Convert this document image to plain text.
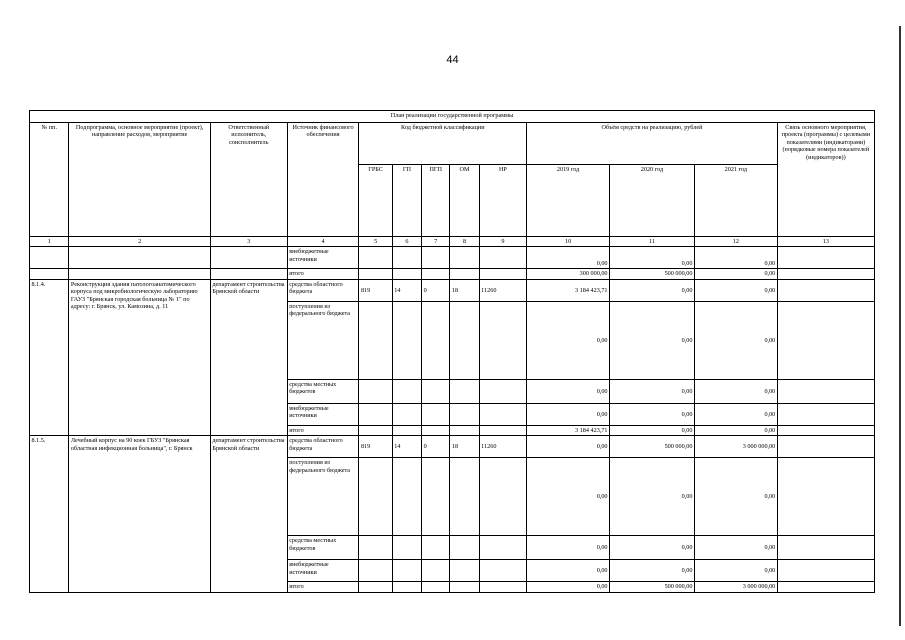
44
План реализации государственной программы												
№ пп.	Подпрограмма, основное мероприятие (проект), направление расходов, мероприятие	Ответственный исполнитель, соисполнитель	Источник финансового обеспечения	Код бюджетной классификации					Объём средств на реализацию, рублей			Связь основного мероприятия, проекта (программы) с целевыми показателями (индикаторами) (порядковые номера показателей (индикаторов))
				ГРБС	ГП	ПГП	ОМ	НР	2019 год	2020 год	2021 год	
1	2	3	4	5	6	7	8	9	10	11	12	13
			внебюджетные источники						0,00	0,00	0,00	
			итого						300 000,00	500 000,00	0,00	
8.1.4.	Реконструкция здания патологоанатомического корпуса под микробиологическую лабораторию ГАУЗ "Брянская городская больница № 1" по адресу: г. Брянск, ул. Камозина, д. 11	департамент строительства Брянской области	средства областного бюджета	819	14	0	18	11260	3 184 423,71	0,00	0,00	
			поступления из федерального бюджета						0,00	0,00	0,00	
			средства местных бюджетов						0,00	0,00	0,00	
			внебюджетные источники						0,00	0,00	0,00	
			итого						3 184 423,71	0,00	0,00	
8.1.5.	Лечебный корпус на 90 коек ГБУЗ "Брянская областная инфекционная больница", г. Брянск	департамент строительства Брянской области	средства областного бюджета	819	14	0	18	11260	0,00	500 000,00	3 000 000,00	
			поступления из федерального бюджета						0,00	0,00	0,00	
			средства местных бюджетов						0,00	0,00	0,00	
			внебюджетные источники						0,00	0,00	0,00	
			итого						0,00	500 000,00	3 000 000,00	
